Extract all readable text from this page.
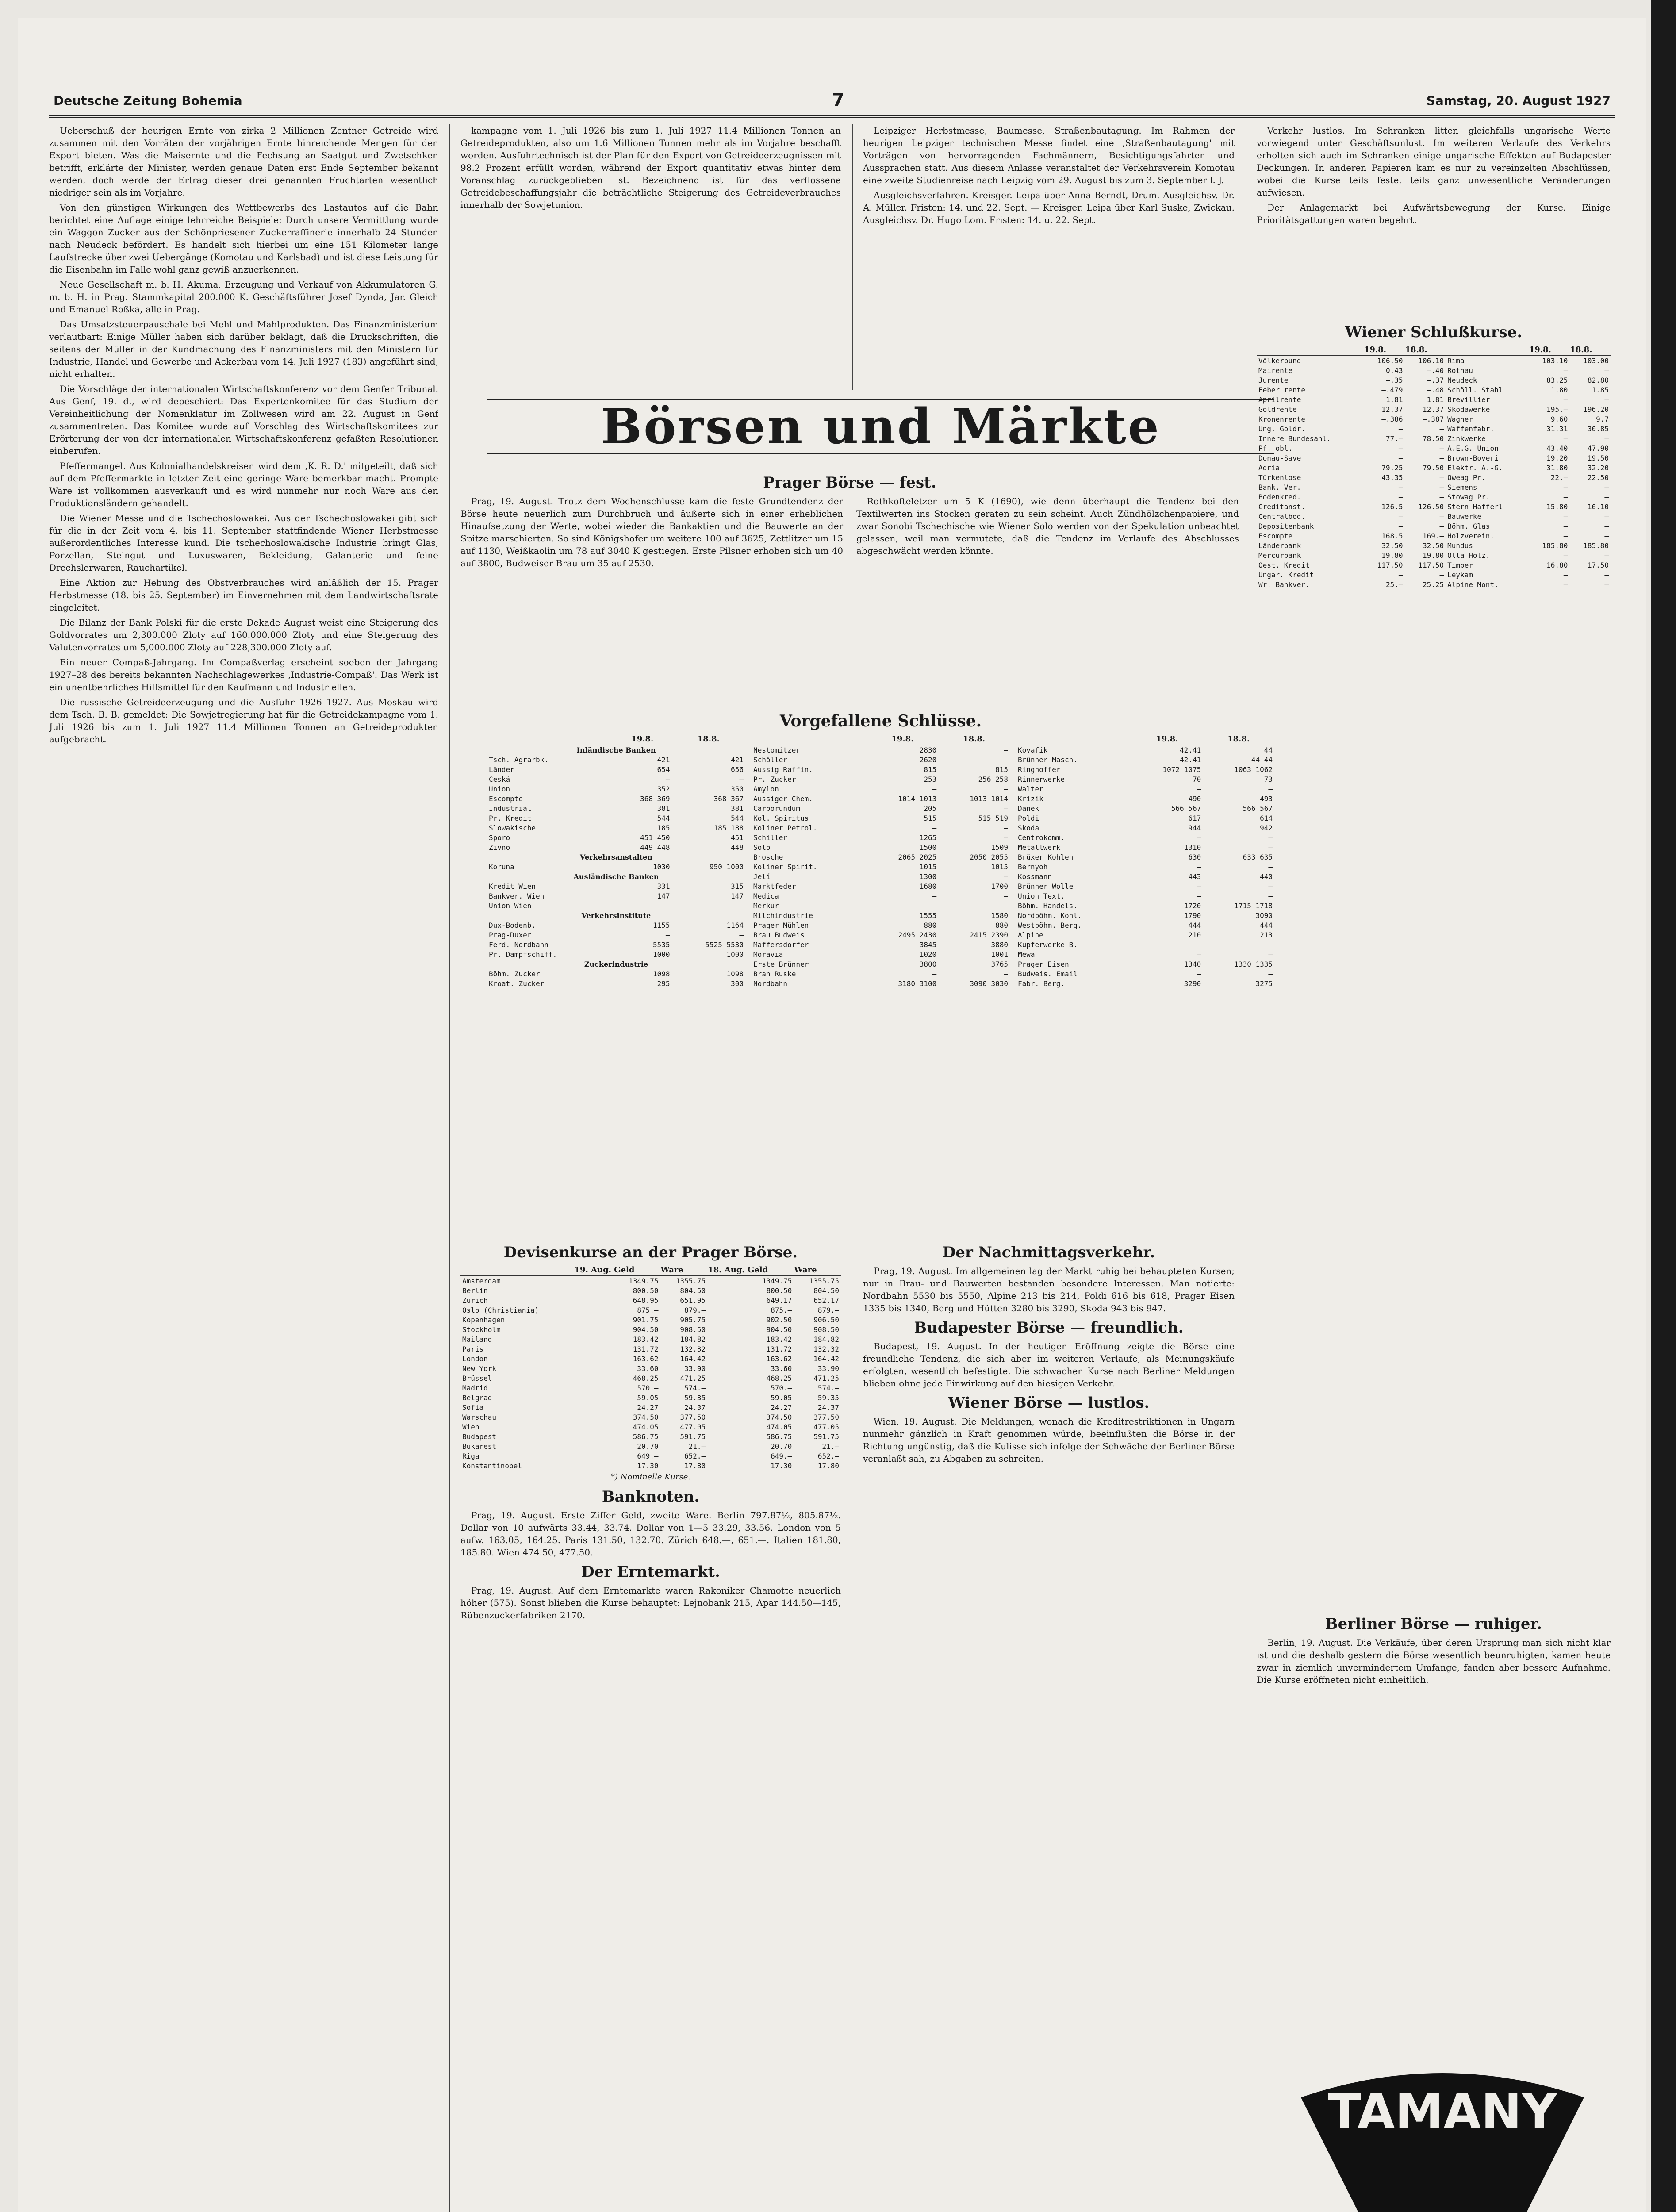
Deutsche Zeitung Bohemia	7	Samstag, 20. August 1927

Ueberschuß der heurigen Ernte von zirka 2 Millionen Zentner Getreide wird zusammen mit den Vorräten der vorjährigen Ernte hinreichende Mengen für den Export bieten. Was die Maisernte und die Fechsung an Saatgut und Zwetschken betrifft, erklärte der Minister, werden genaue Daten erst Ende September bekannt werden, doch werde der Ertrag dieser drei genannten Fruchtarten wesentlich niedriger sein als im Vorjahre.

Von den günstigen Wirkungen des Wettbewerbs des Lastautos auf die Bahn berichtet eine Auflage einige lehrreiche Beispiele: Durch unsere Vermittlung wurde ein Waggon Zucker aus der Schönpriesener Zuckerraffinerie innerhalb 24 Stunden nach Neudeck befördert. Es handelt sich hierbei um eine 151 Kilometer lange Laufstrecke über zwei Uebergänge (Komotau und Karlsbad) und ist diese Leistung für die Eisenbahn im Falle wohl ganz gewiß anzuerkennen.

Neue Gesellschaft m. b. H. Akuma, Erzeugung und Verkauf von Akkumulatoren G. m. b. H. in Prag. Stammkapital 200.000 K. Geschäftsführer Josef Dynda, Jar. Gleich und Emanuel Roßka, alle in Prag.

Das Umsatzsteuerpauschale bei Mehl und Mahlprodukten. Das Finanzministerium verlautbart: Einige Müller haben sich darüber beklagt, daß die Druckschriften, die seitens der Müller in der Kundmachung des Finanzministers mit den Ministern für Industrie, Handel und Gewerbe und Ackerbau vom 14. Juli 1927 (183) angeführt sind, nicht erhalten.

Die Vorschläge der internationalen Wirtschaftskonferenz vor dem Genfer Tribunal. Aus Genf, 19. d., wird depeschiert: Das Expertenkomitee für das Studium der Vereinheitlichung der Nomenklatur im Zollwesen wird am 22. August in Genf zusammentreten. Das Komitee wurde auf Vorschlag des Wirtschaftskomitees zur Erörterung der von der internationalen Wirtschaftskonferenz gefaßten Resolutionen einberufen.

Pfeffermangel. Aus Kolonialhandelskreisen wird dem ‚K. R. D.' mitgeteilt, daß sich auf dem Pfeffermarkte in letzter Zeit eine geringe Ware bemerkbar macht. Prompte Ware ist vollkommen ausverkauft und es wird nunmehr nur noch Ware aus den Produktionsländern gehandelt.

Die Wiener Messe und die Tschechoslowakei. Aus der Tschechoslowakei gibt sich für die in der Zeit vom 4. bis 11. September stattfindende Wiener Herbstmesse außerordentliches Interesse kund. Die tschechoslowakische Industrie bringt Glas, Porzellan, Steingut und Luxuswaren, Bekleidung, Galanterie und feine Drechslerwaren, Rauchartikel.

Eine Aktion zur Hebung des Obstverbrauches wird anläßlich der 15. Prager Herbstmesse (18. bis 25. September) im Einvernehmen mit dem Landwirtschaftsrate eingeleitet.

Die Bilanz der Bank Polski für die erste Dekade August weist eine Steigerung des Goldvorrates um 2,300.000 Zloty auf 160.000.000 Zloty und eine Steigerung des Valutenvorrates um 5,000.000 Zloty auf 228,300.000 Zloty auf.

Ein neuer Compaß-Jahrgang. Im Compaßverlag erscheint soeben der Jahrgang 1927–28 des bereits bekannten Nachschlagewerkes ‚Industrie-Compaß'. Das Werk ist ein unentbehrliches Hilfsmittel für den Kaufmann und Industriellen.

Die russische Getreideerzeugung und die Ausfuhr 1926–1927. Aus Moskau wird dem Tsch. B. B. gemeldet: Die Sowjetregierung hat für die Getreidekampagne vom 1. Juli 1926 bis zum 1. Juli 1927 11.4 Millionen Tonnen an Getreideprodukten aufgebracht.

kampagne vom 1. Juli 1926 bis zum 1. Juli 1927 11.4 Millionen Tonnen an Getreideprodukten, also um 1.6 Millionen Tonnen mehr als im Vorjahre beschafft worden. Ausfuhrtechnisch ist der Plan für den Export von Getreideerzeugnissen mit 98.2 Prozent erfüllt worden, während der Export quantitativ etwas hinter dem Voranschlag zurückgeblieben ist. Bezeichnend ist für das verflossene Getreidebeschaffungsjahr die beträchtliche Steigerung des Getreideverbrauches innerhalb der Sowjetunion.

Leipziger Herbstmesse, Baumesse, Straßenbautagung. Im Rahmen der heurigen Leipziger technischen Messe findet eine ‚Straßenbautagung' mit Vorträgen von hervorragenden Fachmännern, Besichtigungsfahrten und Aussprachen statt. Aus diesem Anlasse veranstaltet der Verkehrsverein Komotau eine zweite Studienreise nach Leipzig vom 29. August bis zum 3. September l. J.

Ausgleichsverfahren. Kreisger. Leipa über Anna Berndt, Drum. Ausgleichsv. Dr. A. Müller. Fristen: 14. und 22. Sept. — Kreisger. Leipa über Karl Suske, Zwickau. Ausgleichsv. Dr. Hugo Lom. Fristen: 14. u. 22. Sept.

Verkehr lustlos. Im Schranken litten gleichfalls ungarische Werte vorwiegend unter Geschäftsunlust. Im weiteren Verlaufe des Verkehrs erholten sich auch im Schranken einige ungarische Effekten auf Budapester Deckungen. In anderen Papieren kam es nur zu vereinzelten Abschlüssen, wobei die Kurse teils feste, teils ganz unwesentliche Veränderungen aufwiesen.

Der Anlagemarkt bei Aufwärtsbewegung der Kurse. Einige Prioritätsgattungen waren begehrt.

Börsen und Märkte
Prager Börse — fest.

Prag, 19. August. Trotz dem Wochenschlusse kam die feste Grundtendenz der Börse heute neuerlich zum Durchbruch und äußerte sich in einer erheblichen Hinaufsetzung der Werte, wobei wieder die Bankaktien und die Bauwerte an der Spitze marschierten. So sind Königshofer um weitere 100 auf 3625, Zettlitzer um 15 auf 1130, Weißkaolin um 78 auf 3040 K gestiegen. Erste Pilsner erhoben sich um 40 auf 3800, Budweiser Brau um 35 auf 2530.

Rothkoſteletzer um 5 K (1690), wie denn überhaupt die Tendenz bei den Textilwerten ins Stocken geraten zu sein scheint. Auch Zündhölzchenpapiere, und zwar Sonobi Tschechische wie Wiener Solo werden von der Spekulation unbeachtet gelassen, weil man vermutete, daß die Tendenz im Verlaufe des Abschlusses abgeschwächt werden könnte.

Vorgefallene Schlüsse.
	19.8.	18.8.
Inländische Banken		
Tsch. Agrarbk.	421	421
Länder	654	656
Ceská	—	—
Union	352	350
Escompte	368 369	368 367
Industrial	381	381
Pr. Kredit	544	544
Slowakische	185	185 188
Sporo	451 450	451
Zivno	449 448	448
Verkehrsanstalten		
Koruna	1030	950 1000
Ausländische Banken		
Kredit Wien	331	315
Bankver. Wien	147	147
Union Wien	—	—
Verkehrsinstitute		
Dux-Bodenb.	1155	1164
Prag-Duxer	—	—
Ferd. Nordbahn	5535	5525 5530
Pr. Dampfschiff.	1000	1000
Zuckerindustrie		
Böhm. Zucker	1098	1098
Kroat. Zucker	295	300
	19.8.	18.8.
Nestomitzer	2830	—
Schöller	2620	—
Aussig Raffin.	815	815
Pr. Zucker	253	256 258
Amylon	—	—
Aussiger Chem.	1014 1013	1013 1014
Carborundum	205	—
Kol. Spiritus	515	515 519
Koliner Petrol.	—	—
Schiller	1265	—
Solo	1500	1509
Brosche	2065 2025	2050 2055
Koliner Spirit.	1015	1015
Jelí	1300	—
Marktfeder	1680	1700
Medica	—	—
Merkur	—	—
Milchindustrie	1555	1580
Prager Mühlen	880	880
Brau Budweis	2495 2430	2415 2390
Maffersdorfer	3845	3880
Moravia	1020	1001
Erste Brünner	3800	3765
Bran Ruske	—	—
Nordbahn	3180 3100	3090 3030
	19.8.	18.8.
Kovafik	42.41	44
Brünner Masch.	42.41	44 44
Ringhoffer	1072 1075	1063 1062
Rinnerwerke	70	73
Walter	—	—
Krizik	490	493
Danek	566 567	566 567
Poldi	617	614
Skoda	944	942
Centrokomm.	—	—
Metallwerk	1310	—
Brüxer Kohlen	630	633 635
Bernyoh	—	—
Kossmann	443	440
Brünner Wolle	—	—
Union Text.	—	—
Böhm. Handels.	1720	1715 1718
Nordböhm. Kohl.	1790	3090
Westböhm. Berg.	444	444
Alpine	210	213
Kupferwerke B.	—	—
Mewa	—	—
Prager Eisen	1340	1330 1335
Budweis. Email	—	—
Fabr. Berg.	3290	3275
Devisenkurse an der Prager Börse.
	19. Aug. Geld	Ware	18. Aug. Geld	Ware
Amsterdam	1349.75	1355.75	1349.75	1355.75
Berlin	800.50	804.50	800.50	804.50
Zürich	648.95	651.95	649.17	652.17
Oslo (Christiania)	875.—	879.—	875.—	879.—
Kopenhagen	901.75	905.75	902.50	906.50
Stockholm	904.50	908.50	904.50	908.50
Mailand	183.42	184.82	183.42	184.82
Paris	131.72	132.32	131.72	132.32
London	163.62	164.42	163.62	164.42
New York	33.60	33.90	33.60	33.90
Brüssel	468.25	471.25	468.25	471.25
Madrid	570.—	574.—	570.—	574.—
Belgrad	59.05	59.35	59.05	59.35
Sofia	24.27	24.37	24.27	24.37
Warschau	374.50	377.50	374.50	377.50
Wien	474.05	477.05	474.05	477.05
Budapest	586.75	591.75	586.75	591.75
Bukarest	20.70	21.—	20.70	21.—
Riga	649.—	652.—	649.—	652.—
Konstantinopel	17.30	17.80	17.30	17.80
*) Nominelle Kurse.
Banknoten.

Prag, 19. August. Erste Ziffer Geld, zweite Ware. Berlin 797.87½, 805.87½. Dollar von 10 aufwärts 33.44, 33.74. Dollar von 1—5 33.29, 33.56. London von 5 aufw. 163.05, 164.25. Paris 131.50, 132.70. Zürich 648.—, 651.—. Italien 181.80, 185.80. Wien 474.50, 477.50.

Der Erntemarkt.

Prag, 19. August. Auf dem Erntemarkte waren Rakoniker Chamotte neuerlich höher (575). Sonst blieben die Kurse behauptet: Lejnobank 215, Apar 144.50—145, Rübenzuckerfabriken 2170.

Der Nachmittagsverkehr.

Prag, 19. August. Im allgemeinen lag der Markt ruhig bei behaupteten Kursen; nur in Brau- und Bauwerten bestanden besondere Interessen. Man notierte: Nordbahn 5530 bis 5550, Alpine 213 bis 214, Poldi 616 bis 618, Prager Eisen 1335 bis 1340, Berg und Hütten 3280 bis 3290, Skoda 943 bis 947.

Budapester Börse — freundlich.

Budapest, 19. August. In der heutigen Eröffnung zeigte die Börse eine freundliche Tendenz, die sich aber im weiteren Verlaufe, als Meinungskäufe erfolgten, wesentlich befestigte. Die schwachen Kurse nach Berliner Meldungen blieben ohne jede Einwirkung auf den hiesigen Verkehr.

Wiener Börse — lustlos.

Wien, 19. August. Die Meldungen, wonach die Kreditrestriktionen in Ungarn nunmehr gänzlich in Kraft genommen würde, beeinflußten die Börse in der Richtung ungünstig, daß die Kulisse sich infolge der Schwäche der Berliner Börse veranlaßt sah, zu Abgaben zu schreiten.

Wiener Schlußkurse.
	19.8.	18.8.		19.8.	18.8.
Völkerbund	106.50	106.10	Rima	103.10	103.00
Mairente	0.43	—.40	Rothau	—	—
Jurente	—.35	—.37	Neudeck	83.25	82.80
Feber rente	—.479	—.48	Schöll. Stahl	1.80	1.85
Aprilrente	1.81	1.81	Brevillier	—	—
Goldrente	12.37	12.37	Skodawerke	195.—	196.20
Kronenrente	—.386	—.387	Wagner	9.60	9.7
Ung. Goldr.	—	—	Waffenfabr.	31.31	30.85
Innere Bundesanl.	77.—	78.50	Zinkwerke	—	—
Pf. obl.	—	—	A.E.G. Union	43.40	47.90
Donau-Save	—	—	Brown-Boveri	19.20	19.50
Adria	79.25	79.50	Elektr. A.-G.	31.80	32.20
Türkenlose	43.35	—	Oweag Pr.	22.—	22.50
Bank. Ver.	—	—	Siemens	—	—
Bodenkred.	—	—	Stowag Pr.	—	—
Creditanst.	126.5	126.50	Stern-Hafferl	15.80	16.10
Centralbod.	—	—	Bauwerke	—	—
Depositenbank	—	—	Böhm. Glas	—	—
Escompte	168.5	169.—	Holzverein.	—	—
Länderbank	32.50	32.50	Mundus	185.80	185.80
Mercurbank	19.80	19.80	Olla Holz.	—	—
Oest. Kredit	117.50	117.50	Timber	16.80	17.50
Ungar. Kredit	—	—	Leykam	—	—
Wr. Bankver.	25.—	25.25	Alpine Mont.	—	—
Berliner Börse — ruhiger.

Berlin, 19. August. Die Verkäufe, über deren Ursprung man sich nicht klar ist und die deshalb gestern die Börse wesentlich beunruhigten, kamen heute zwar in ziemlich unvermindertem Umfange, fanden aber bessere Aufnahme. Die Kurse eröffneten nicht einheitlich.

TAMANY
